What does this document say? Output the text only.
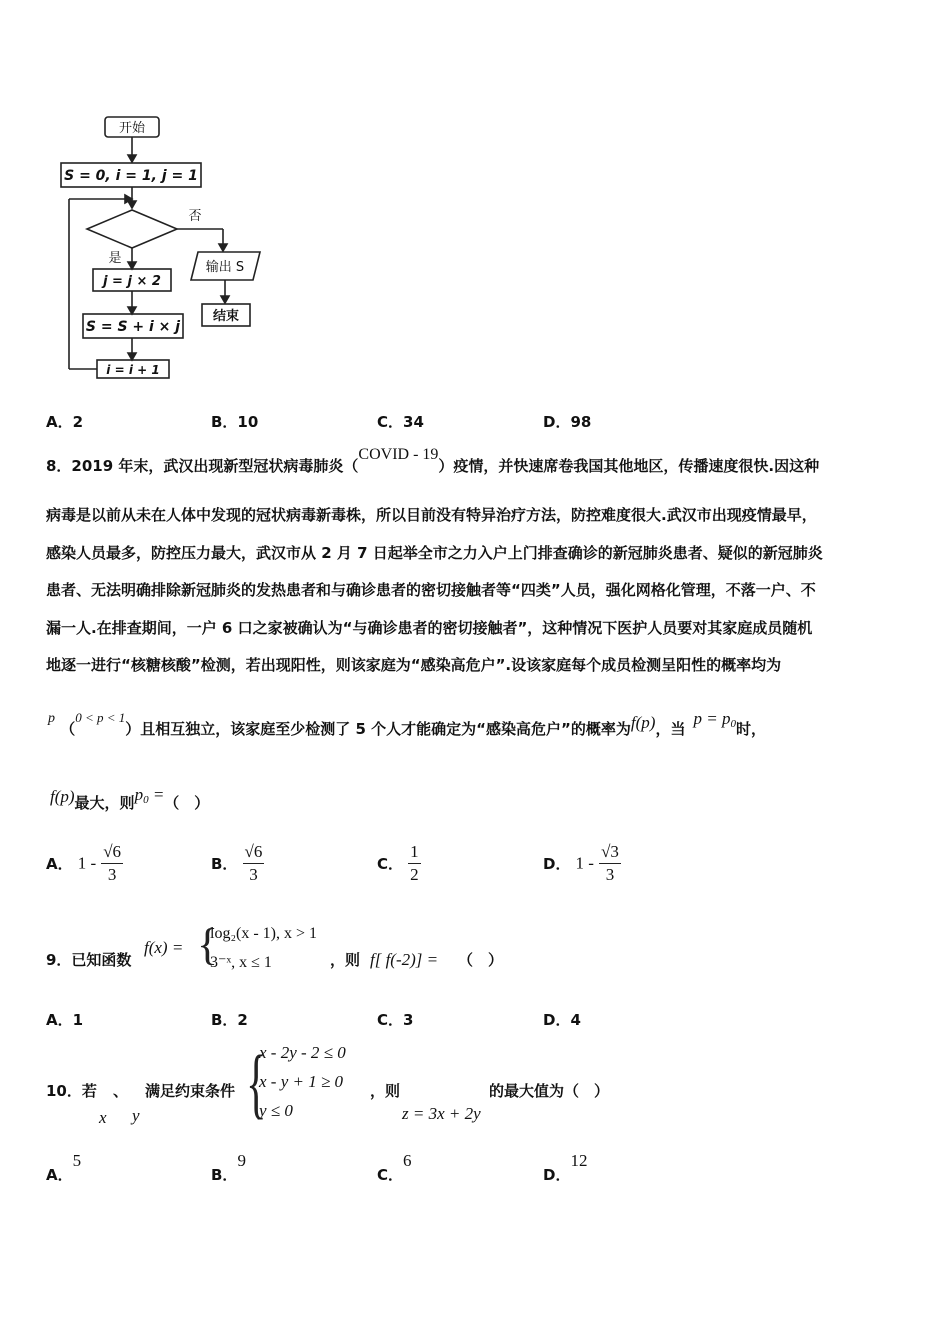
开始
S = 0, i = 1, j = 1
否
是
j = j × 2
S = S + i × j
i = i + 1
输出 S
结束
A．2	B．10	C．34	D．98
8．2019 年末，武汉出现新型冠状病毒肺炎（COVID - 19）疫情，并快速席卷我国其他地区，传播速度很快.因这种
病毒是以前从未在人体中发现的冠状病毒新毒株，所以目前没有特异治疗方法，防控难度很大.武汉市出现疫情最早，
感染人员最多，防控压力最大，武汉市从 2 月 7 日起举全市之力入户上门排查确诊的新冠肺炎患者、疑似的新冠肺炎
患者、无法明确排除新冠肺炎的发热患者和与确诊患者的密切接触者等“四类”人员，强化网格化管理，不落一户、不
漏一人.在排查期间，一户 6 口之家被确认为“与确诊患者的密切接触者”，这种情况下医护人员要对其家庭成员随机
地逐一进行“核糖核酸”检测，若出现阳性，则该家庭为“感染高危户”.设该家庭每个成员检测呈阳性的概率均为
p （0 < p < 1）且相互独立，该家庭至少检测了 5 个人才能确定为“感染高危户”的概率为f(p)，当$p = p_0$时，
f(p)最大，则$p_0$ =（　）
A． $1 - \frac{√6}{3}$	B． $\frac{√6}{3}$	C． $\frac{1}{2}$	D． $1 - \frac{√3}{3}$
9．已知函数
f(x) = {
log₂(x - 1), x > 1
3⁻ˣ, x ≤ 1	，则 f[ f(-2)] = （　）
A．1	B．2	C．3	D．4
10．若 、 满足约束条件
x y {
x - 2y - 2 ≤ 0
x - y + 1 ≥ 0
y ≤ 0
，则
z = 3x + 2y
的最大值为（　）
A．5
B．9
C．6
D．12
